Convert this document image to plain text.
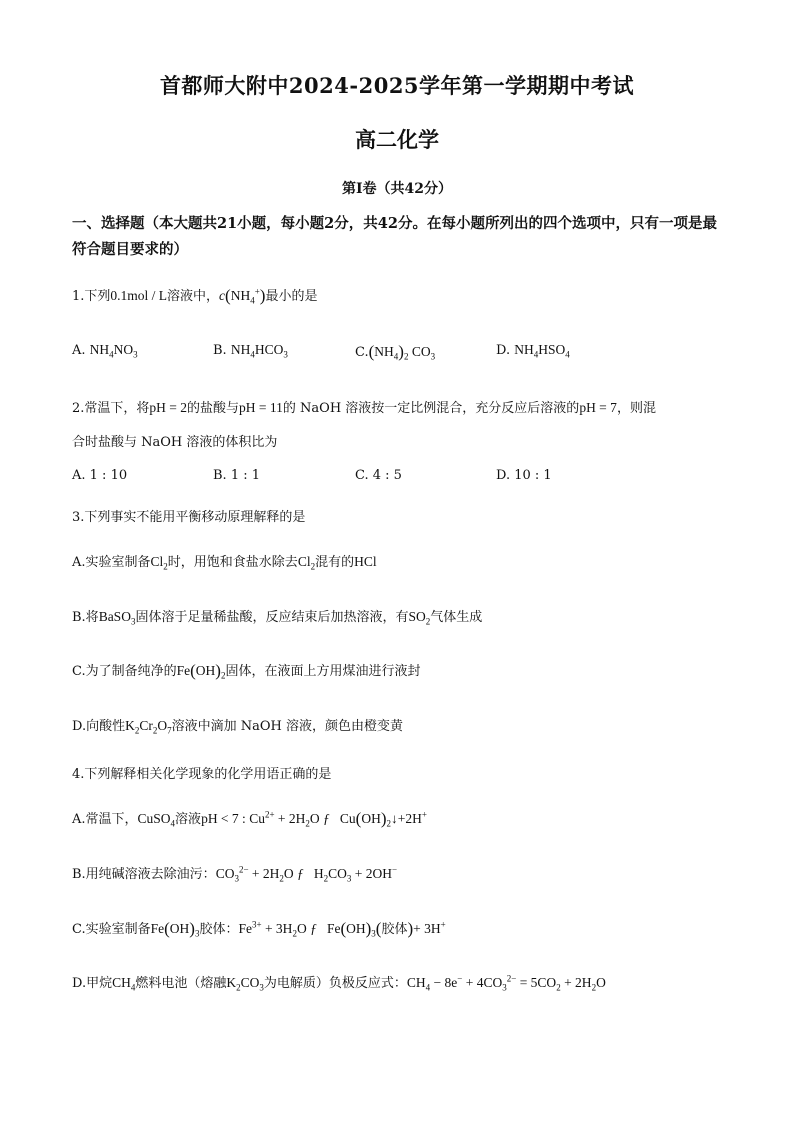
首都师大附中2024-2025学年第一学期期中考试
高二化学
第I卷（共42分）
一、选择题（本大题共21小题，每小题2分，共42分。在每小题所列出的四个选项中，只有一项是最符合题目要求的）
1.下列0.1mol / L溶液中，$c(NH_4^+)$最小的是
A. $NH_4NO_3$	B. $NH_4HCO_3$	$C.(NH_4)_2$ $CO_3$	D. $NH_4HSO_4$
2.常温下，将pH = 2的盐酸与pH = 11的 NaOH 溶液按一定比例混合，充分反应后溶液的pH = 7，则混
合时盐酸与 NaOH 溶液的体积比为
A. 1 : 10	B. 1 : 1	C. 4 : 5	D. 10 : 1
3.下列事实不能用平衡移动原理解释的是
A.实验室制备$Cl_2$时，用饱和食盐水除去$Cl_2$混有的HCl
B.将BaSO$_3$固体溶于足量稀盐酸，反应结束后加热溶液，有$SO_2$气体生成
C.为了制备纯净的$Fe(OH)_2$固体，在液面上方用煤油进行液封
D.向酸性$K_2Cr_2O_7$溶液中滴加 NaOH 溶液，颜色由橙变黄
4.下列解释相关化学现象的化学用语正确的是
A.常温下，CuSO$_4$溶液pH < 7 : $Cu^{2+} + 2H_2O$ ƒ   $Cu(OH)_2↓+2H^+$
B.用纯碱溶液去除油污：$CO_3^{2-} + 2H_2O$ ƒ   $H_2CO_3 + 2OH^-$
C.实验室制备$Fe(OH)_3$胶体：$Fe^{3+} + 3H_2O$ ƒ   $Fe(OH)_3$(胶体)+ 3H+
D.甲烷$CH_4$燃料电池（熔融$K_2CO_3$为电解质）负极反应式：$CH_4 - 8e^- + 4CO_3^{2-} = 5CO_2 + 2H_2O$
